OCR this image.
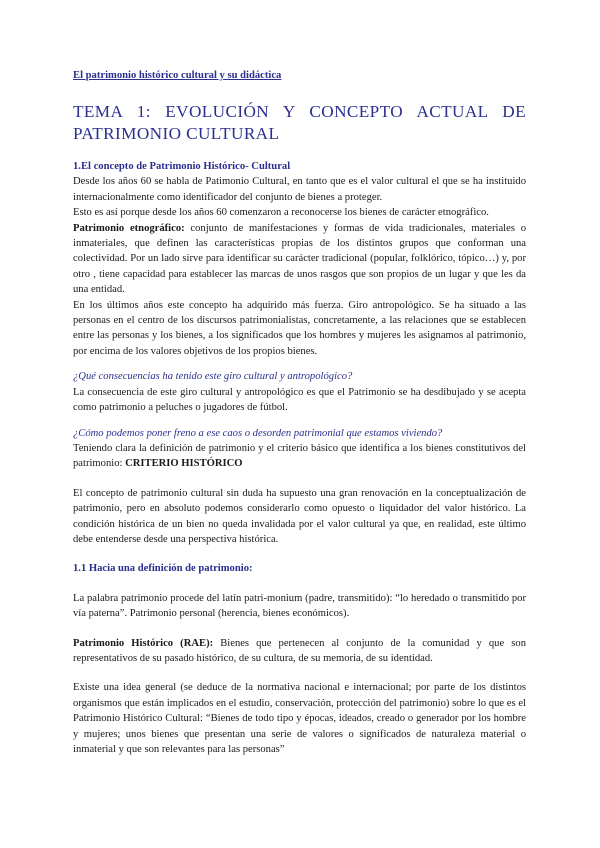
El patrimonio histórico cultural y su didáctica

TEMA 1: EVOLUCIÓN Y CONCEPTO ACTUAL DE PATRIMONIO CULTURAL

1.El concepto de Patrimonio Histórico- Cultural

Desde los años 60 se habla de Patimonio Cultural, en tanto que es el valor cultural el que se ha instituido internacionalmente como identificador del conjunto de bienes a proteger.

Esto es así porque desde los años 60 comenzaron a reconocerse los bienes de carácter etnográfico.

Patrimonio etnográfico: conjunto de manifestaciones y formas de vida tradicionales, materiales o inmateriales, que definen las características propias de los distintos grupos que conforman una colectividad. Por un lado sirve para identificar su carácter tradicional (popular, folklórico, tópico…) y, por otro , tiene capacidad para establecer las marcas de unos rasgos que son propios de un lugar y que les da una entidad.

En los últimos años este concepto ha adquirido más fuerza. Giro antropológico. Se ha situado a las personas en el centro de los discursos patrimonialistas, concretamente, a las relaciones que se establecen entre las personas y los bienes, a los significados que los hombres y mujeres les asignamos al patrimonio, por encima de los valores objetivos de los propios bienes.

¿Qué consecuencias ha tenido este giro cultural y antropológico?

La consecuencia de este giro cultural y antropológico es que el Patrimonio se ha desdibujado y se acepta como patrimonio a peluches o jugadores de fútbol.

¿Cómo podemos poner freno a ese caos o desorden patrimonial que estamos viviendo?

Teniendo clara la definición de patrimonio y el criterio básico que identifica a los bienes constitutivos del patrimonio: CRITERIO HISTÓRICO

El concepto de patrimonio cultural sin duda ha supuesto una gran renovación en la conceptualización de patrimonio, pero en absoluto podemos considerarlo como opuesto o liquidador del valor histórico. La condición histórica de un bien no queda invalidada por el valor cultural ya que, en realidad, este último debe entenderse desde una perspectiva histórica.

1.1 Hacia una definición de patrimonio:

La palabra patrimonio procede del latín patri-monium (padre, transmitido): “lo heredado o transmitido por vía paterna”. Patrimonio personal (herencia, bienes económicos).

Patrimonio Histórico (RAE): Bienes que pertenecen al conjunto de la comunidad y que son representativos de su pasado histórico, de su cultura, de su memoria, de su identidad.

Existe una idea general (se deduce de la normativa nacional e internacional; por parte de los distintos organismos que están implicados en el estudio, conservación, protección del patrimonio) sobre lo que es el Patrimonio Histórico Cultural: “Bienes de todo tipo y épocas, ideados, creado o generador por los hombre y mujeres; unos bienes que presentan una serie de valores o significados de naturaleza material o inmaterial y que son relevantes para las personas”
